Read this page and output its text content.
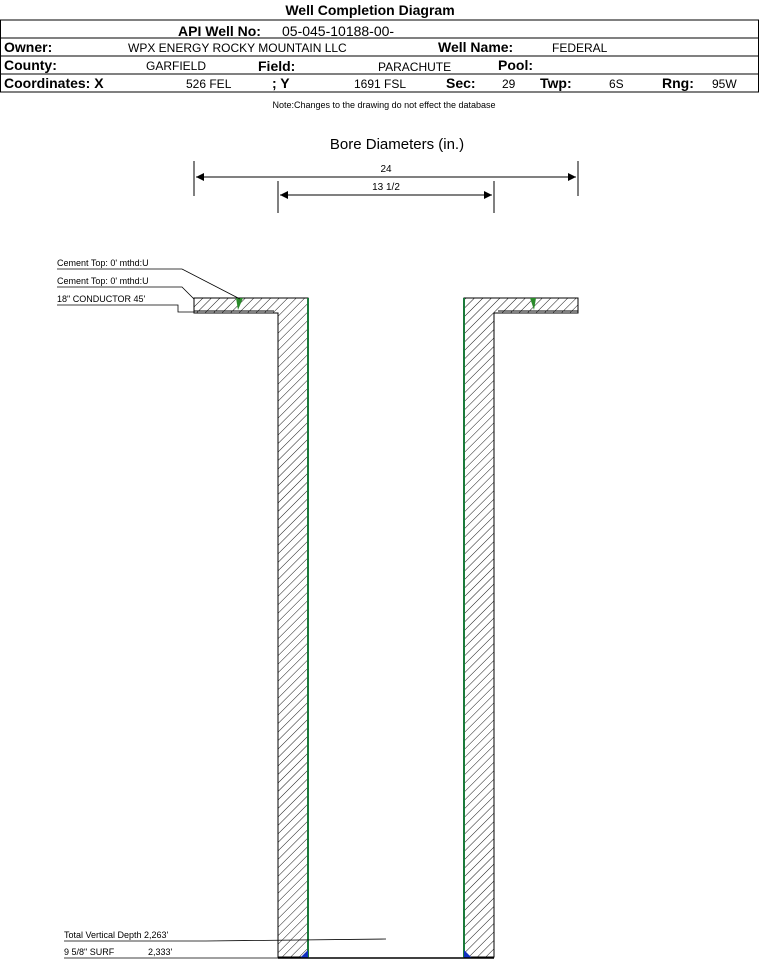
Well Completion Diagram
API Well No: 05-045-10188-00-
Owner:	WPX ENERGY ROCKY MOUNTAIN LLC	Well Name:	FEDERAL
County:	GARFIELD	Field:	PARACHUTE	Pool:
Coordinates: X	526 FEL	; Y	1691 FSL	Sec: 29 Twp:	6S	Rng: 95W
Note:Changes to the drawing do not effect the database
Bore Diameters (in.)
24
13 1/2
Cement Top: 0' mthd:U
Cement Top: 0' mthd:U
18" CONDUCTOR 45'
Total Vertical Depth 2,263'
9 5/8" SURF	2,333'
